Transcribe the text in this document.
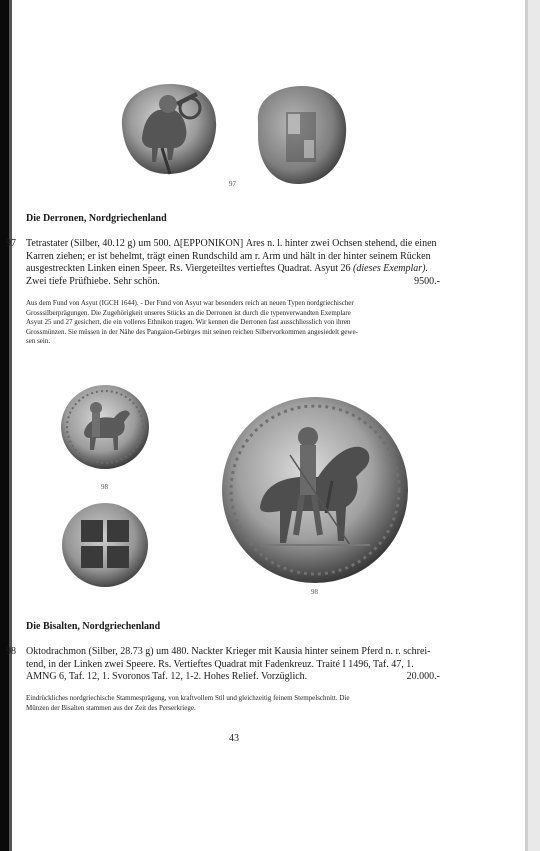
97
Die Derronen, Nordgriechenland
97 Tetrastater (Silber, 40.12 g) um 500. Δ[EPPONIKON] Ares n. l. hinter zwei Ochsen stehend, die einen
Karren ziehen; er ist behelmt, trägt einen Rundschild am r. Arm und hält in der hinter seinem Rücken
ausgestreckten Linken einen Speer. Rs. Viergeteiltes vertieftes Quadrat. Asyut 26 (dieses Exemplar).
Zwei tiefe Prüfhiebe. Sehr schön.	9500.-
Aus dem Fund von Asyut (IGCH 1644). - Der Fund von Asyut war besonders reich an neuen Typen nordgriechischer
Grosssilberprägungen. Die Zugehörigkeit unseres Stücks an die Derronen ist durch die typenverwandten Exemplare
Asyut 25 und 27 gesichert, die ein volleres Ethnikon tragen. Wir kennen die Derronen fast ausschliesslich von ihren
Grossmünzen. Sie müssen in der Nähe des Pangaion-Gebirges mit seinen reichen Silbervorkommen angesiedelt gewe-
sen sein.
98
98
Die Bisalten, Nordgriechenland
98 Oktodrachmon (Silber, 28.73 g) um 480. Nackter Krieger mit Kausia hinter seinem Pferd n. r. schrei-
tend, in der Linken zwei Speere. Rs. Vertieftes Quadrat mit Fadenkreuz. Traité I 1496, Taf. 47, 1.
AMNG 6, Taf. 12, 1. Svoronos Taf. 12, 1-2. Hohes Relief. Vorzüglich.	20.000.-
Eindrückliches nordgriechische Stammesprägung, von kraftvollem Stil und gleichzeitig feinem Stempelschnitt. Die
Münzen der Bisalten stammen aus der Zeit des Perserkriege.
43
